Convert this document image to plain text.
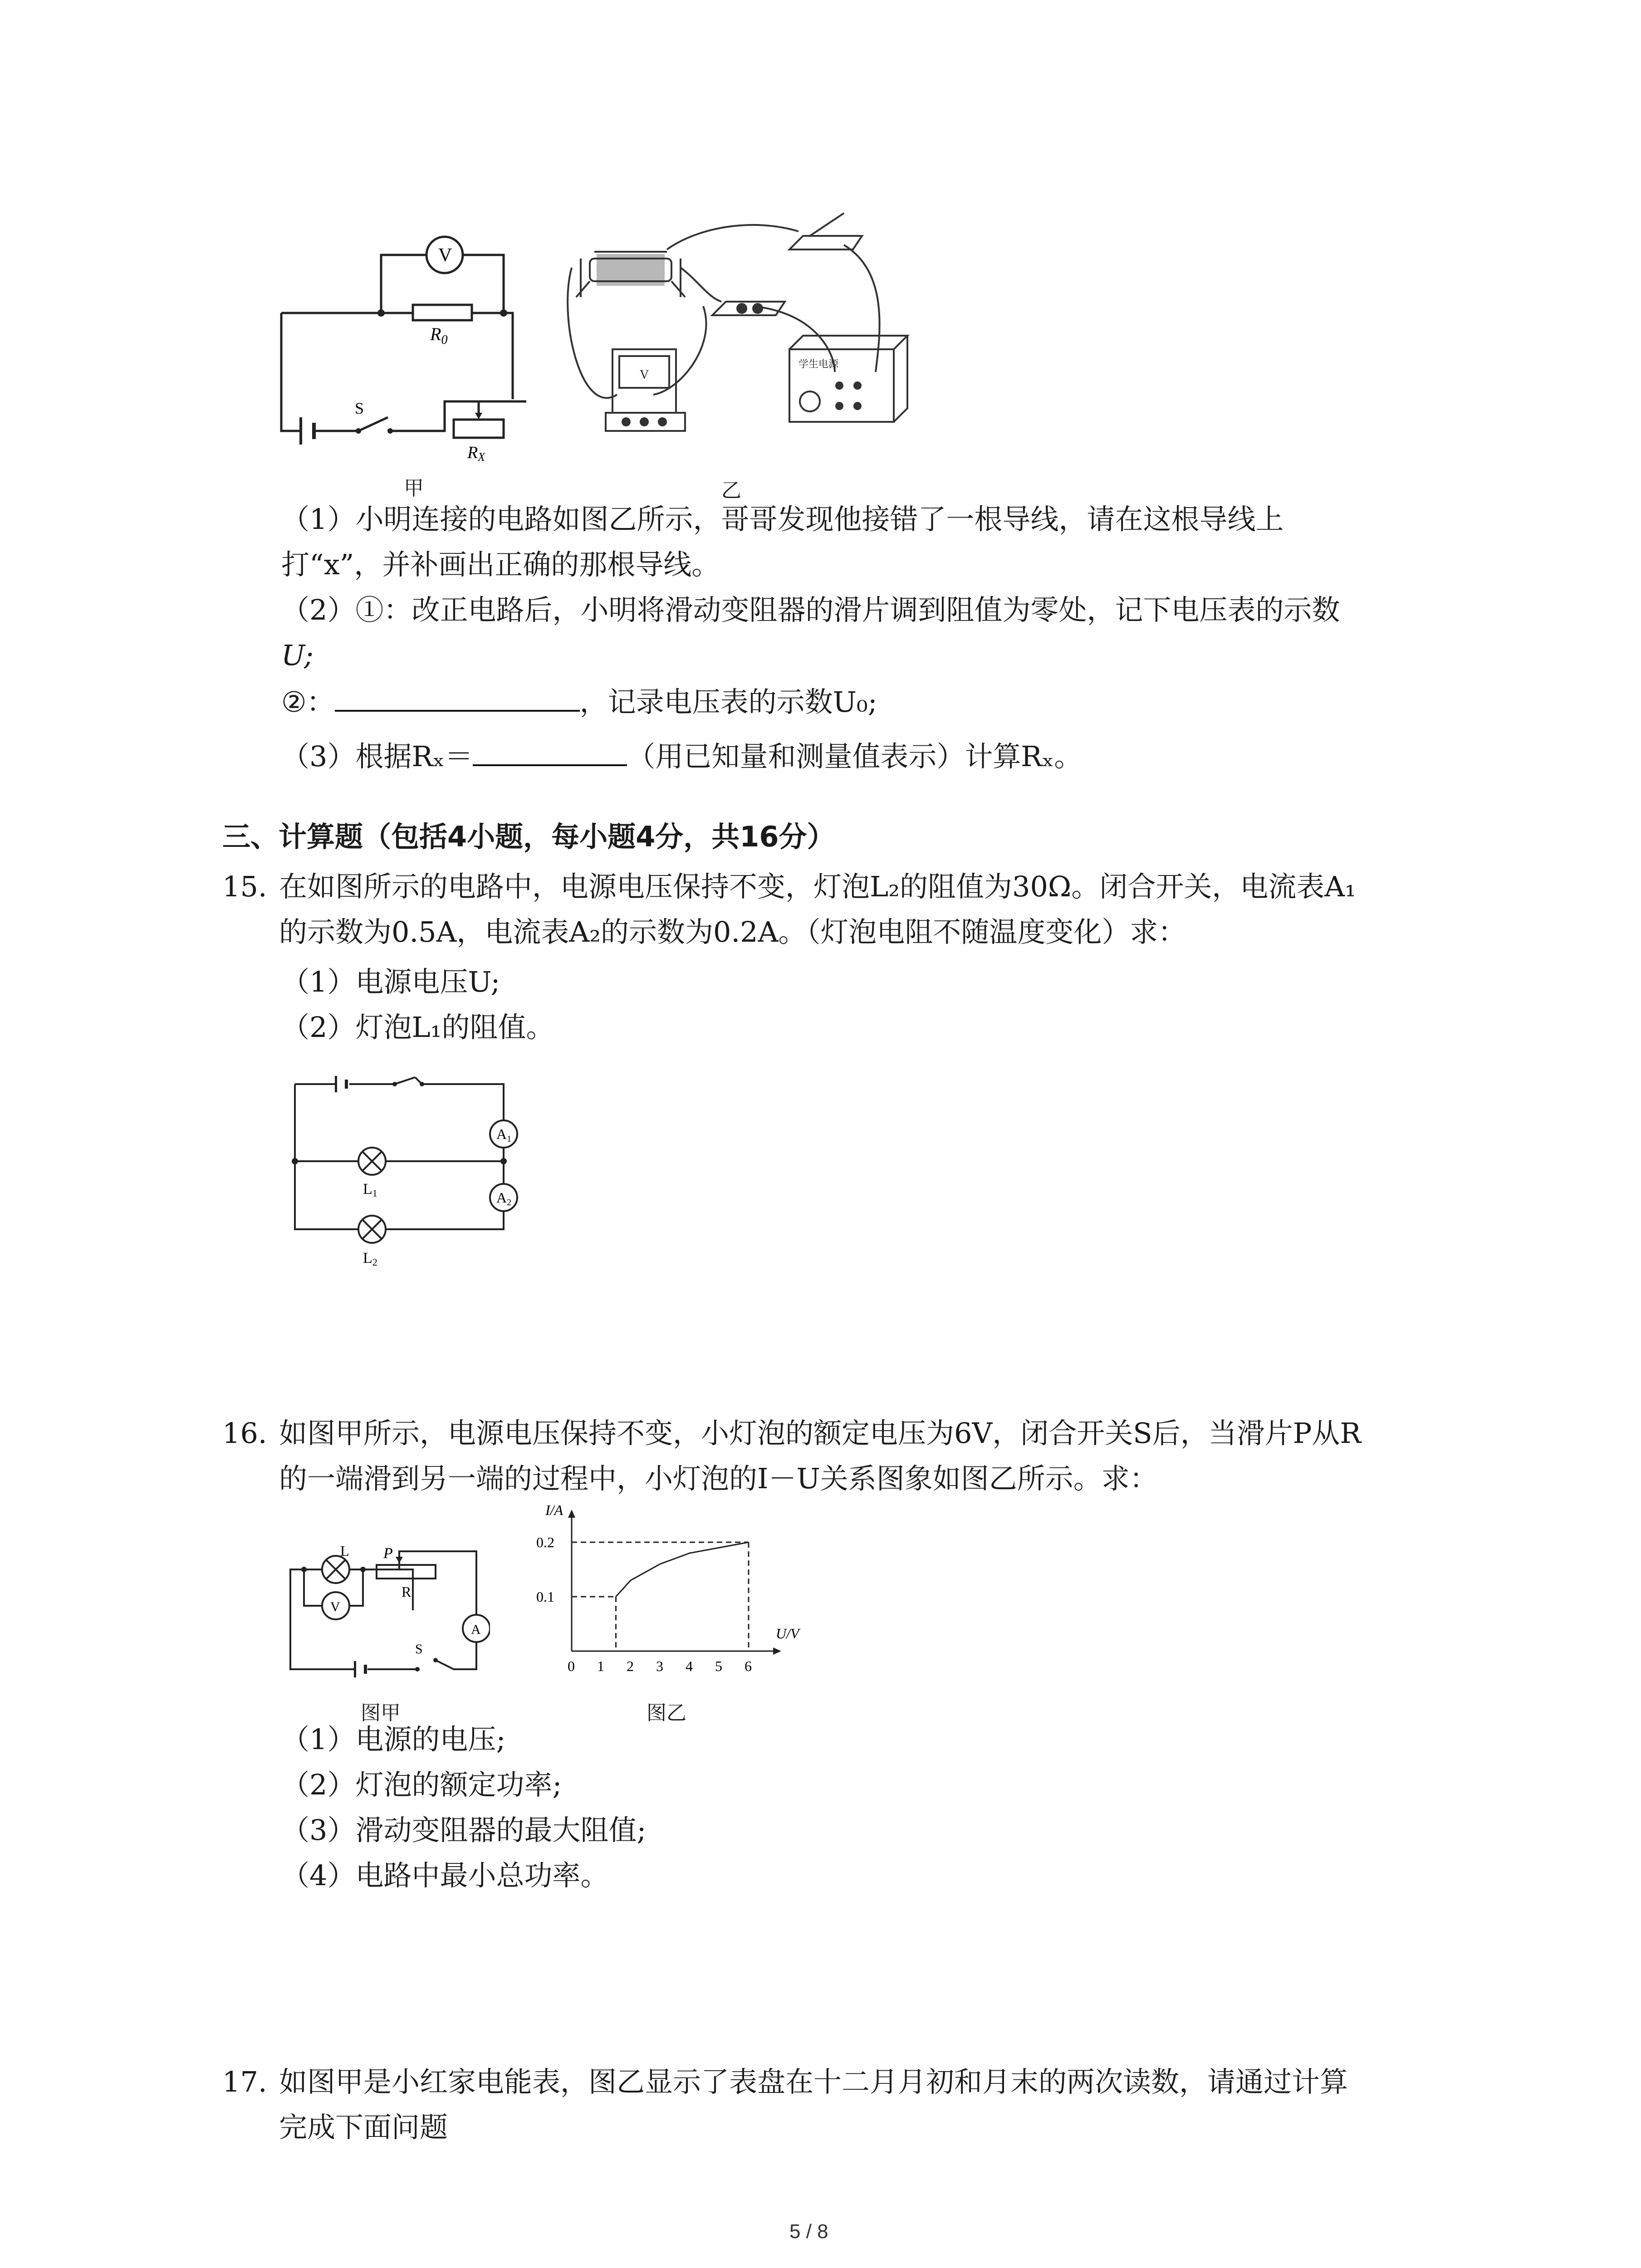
V
$R_0$
S
RX
V
学生电源
甲	乙
（1）小明连接的电路如图乙所示，哥哥发现他接错了一根导线，请在这根导线上
打“x”，并补画出正确的那根导线。
（2）①：改正电路后，小明将滑动变阻器的滑片调到阻值为零处，记下电压表的示数
U;
②：	，记录电压表的示数U₀;
（3）根据Rₓ＝	（用已知量和测量值表示）计算Rₓ。
三、计算题（包括4小题，每小题4分，共16分）
15. 在如图所示的电路中，电源电压保持不变，灯泡L₂的阻值为30Ω。闭合开关，电流表A₁
的示数为0.5A，电流表A₂的示数为0.2A。（灯泡电阻不随温度变化）求：
（1）电源电压U;
（2）灯泡L₁的阻值。
A1
A2
L1
L2
16. 如图甲所示，电源电压保持不变，小灯泡的额定电压为6V，闭合开关S后，当滑片P从R
的一端滑到另一端的过程中，小灯泡的I－U关系图象如图乙所示。求：
L P
R
A
V
S
图甲
0 1 2 3 4 5 6
0.1
0.2
I/A
U/V
图乙
（1）电源的电压;
（2）灯泡的额定功率;
（3）滑动变阻器的最大阻值;
（4）电路中最小总功率。
17. 如图甲是小红家电能表，图乙显示了表盘在十二月月初和月末的两次读数，请通过计算
完成下面问题
5 / 8
